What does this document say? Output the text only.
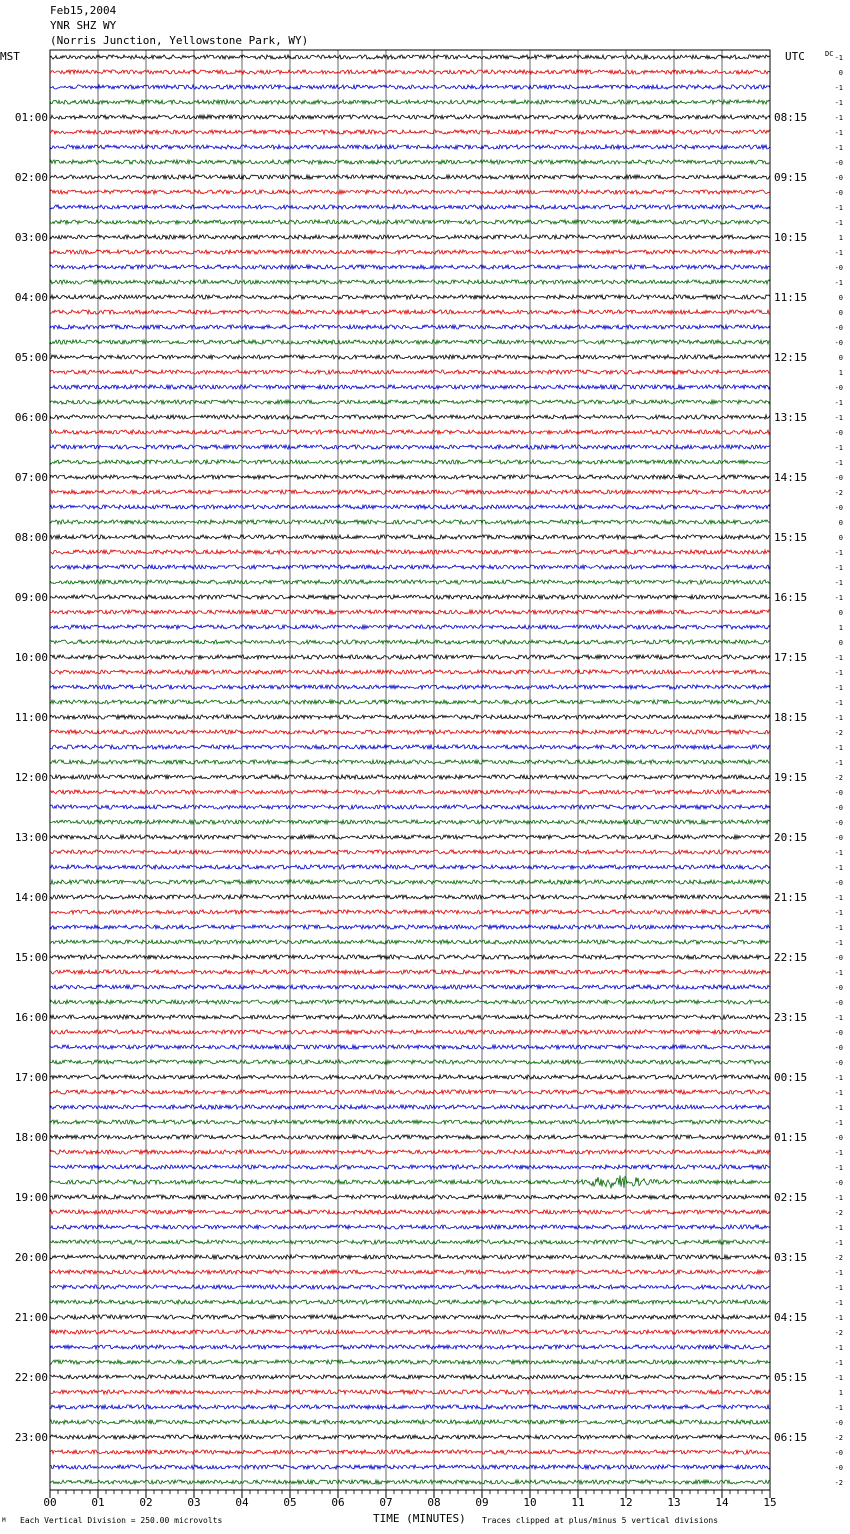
Feb15,2004
YNR SHZ WY
(Norris Junction, Yellowstone Park, WY)
MST	UTC	DC
TIME (MINUTES)
00	01	02	03	04	05	06	07	08	09	10	11	12	13	14	15
-1
0
-1
-1
-1
-1
-1
-0
-0
-0
-1
-1
1
-1
-0
-1
0
0
-0
-0
0
1
-0
-1
-1
-0
-1
-1
-0
-2
-0
0
0
-1
-1
-1
-1
0
1
0
-1
-1
-1
-1
-1
-2
-1
-1
-2
-0
-0
-0
-0
-1
-1
-0
-1
-1
-1
-1
-0
-1
-0
-0
-1
-0
-0
-0
-1
-1
-1
-1
-0
-1
-1
-0
-1
-2
-1
-1
-2
-1
-1
-1
-1
-2
-1
-1
-1
1
-1
-0
-2
-0
-0
-2
01:00	08:15
02:00	09:15
03:00	10:15
04:00	11:15
05:00	12:15
06:00	13:15
07:00	14:15
08:00	15:15
09:00	16:15
10:00	17:15
11:00	18:15
12:00	19:15
13:00	20:15
14:00	21:15
15:00	22:15
16:00	23:15
17:00	00:15
18:00	01:15
19:00	02:15
20:00	03:15
21:00	04:15
22:00	05:15
23:00	06:15
M Each Vertical Division = 250.00 microvolts	Traces clipped at plus/minus 5 vertical divisions
